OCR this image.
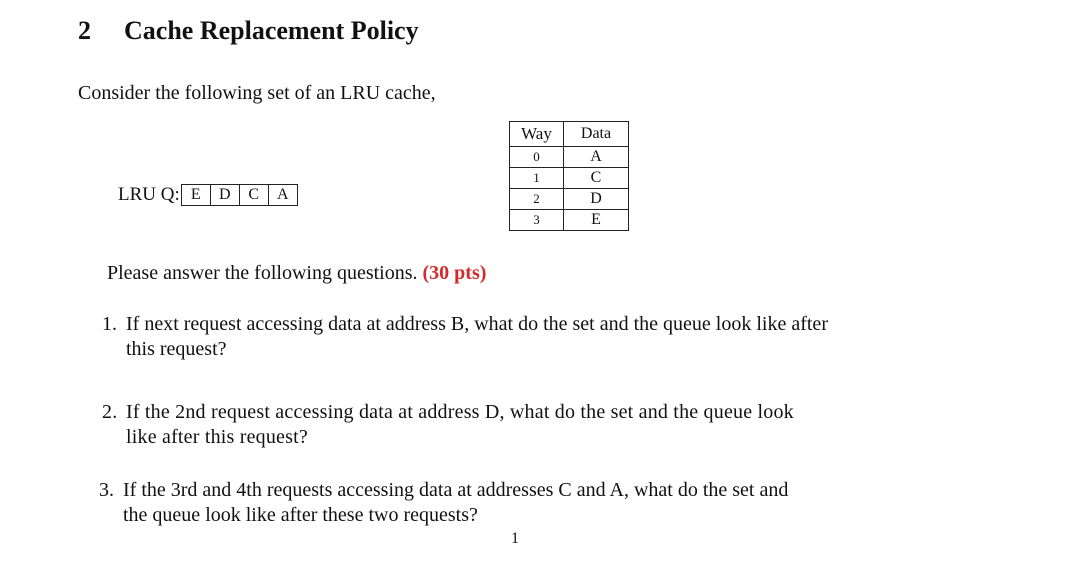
2 Cache Replacement Policy
Consider the following set of an LRU cache,
LRU Q: E	D	C	A
Way	Data
0	A
1	C
2	D
3	E
Please answer the following questions. (30 pts)
1. If next request accessing data at address B, what do the set and the queue look like after
this request?
2. If the 2nd request accessing data at address D, what do the set and the queue look
like after this request?
3. If the 3rd and 4th requests accessing data at addresses C and A, what do the set and
the queue look like after these two requests?
1
